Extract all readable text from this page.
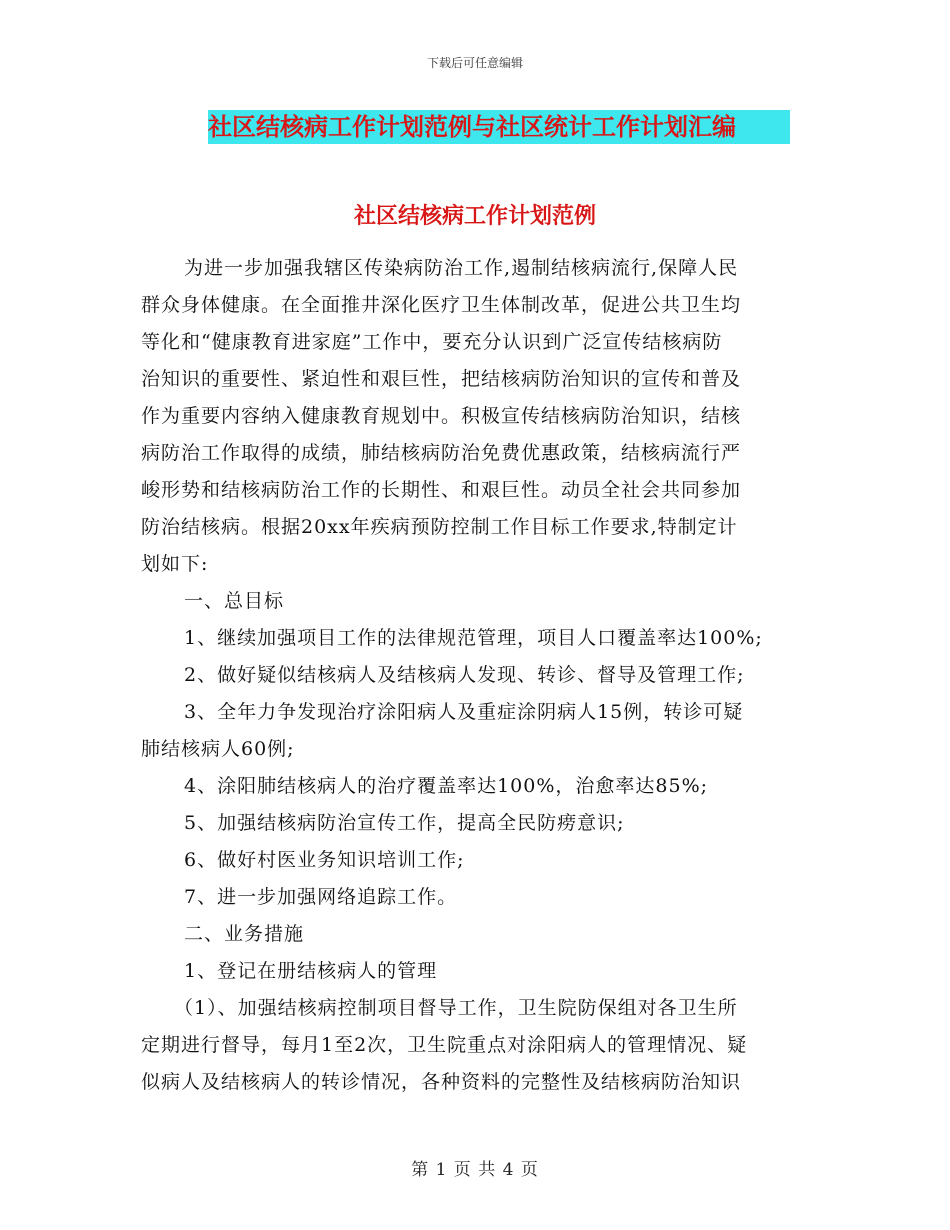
下载后可任意编辑
社区结核病工作计划范例与社区统计工作计划汇编
社区结核病工作计划范例
为进一步加强我辖区传染病防治工作,遏制结核病流行,保障人民
群众身体健康。在全面推井深化医疗卫生体制改革，促进公共卫生均
等化和“健康教育进家庭”工作中，要充分认识到广泛宣传结核病防
治知识的重要性、紧迫性和艰巨性，把结核病防治知识的宣传和普及
作为重要内容纳入健康教育规划中。积极宣传结核病防治知识，结核
病防治工作取得的成绩，肺结核病防治免费优惠政策，结核病流行严
峻形势和结核病防治工作的长期性、和艰巨性。动员全社会共同参加
防治结核病。根据20xx年疾病预防控制工作目标工作要求,特制定计
划如下:
一、总目标
1、继续加强项目工作的法律规范管理，项目人口覆盖率达100%;
2、做好疑似结核病人及结核病人发现、转诊、督导及管理工作;
3、全年力争发现治疗涂阳病人及重症涂阴病人15例，转诊可疑
肺结核病人60例;
4、涂阳肺结核病人的治疗覆盖率达100%，治愈率达85%;
5、加强结核病防治宣传工作，提高全民防痨意识;
6、做好村医业务知识培训工作;
7、进一步加强网络追踪工作。
二、业务措施
1、登记在册结核病人的管理
（1）、加强结核病控制项目督导工作，卫生院防保组对各卫生所
定期进行督导，每月1至2次，卫生院重点对涂阳病人的管理情况、疑
似病人及结核病人的转诊情况，各种资料的完整性及结核病防治知识
第 1 页 共 4 页
